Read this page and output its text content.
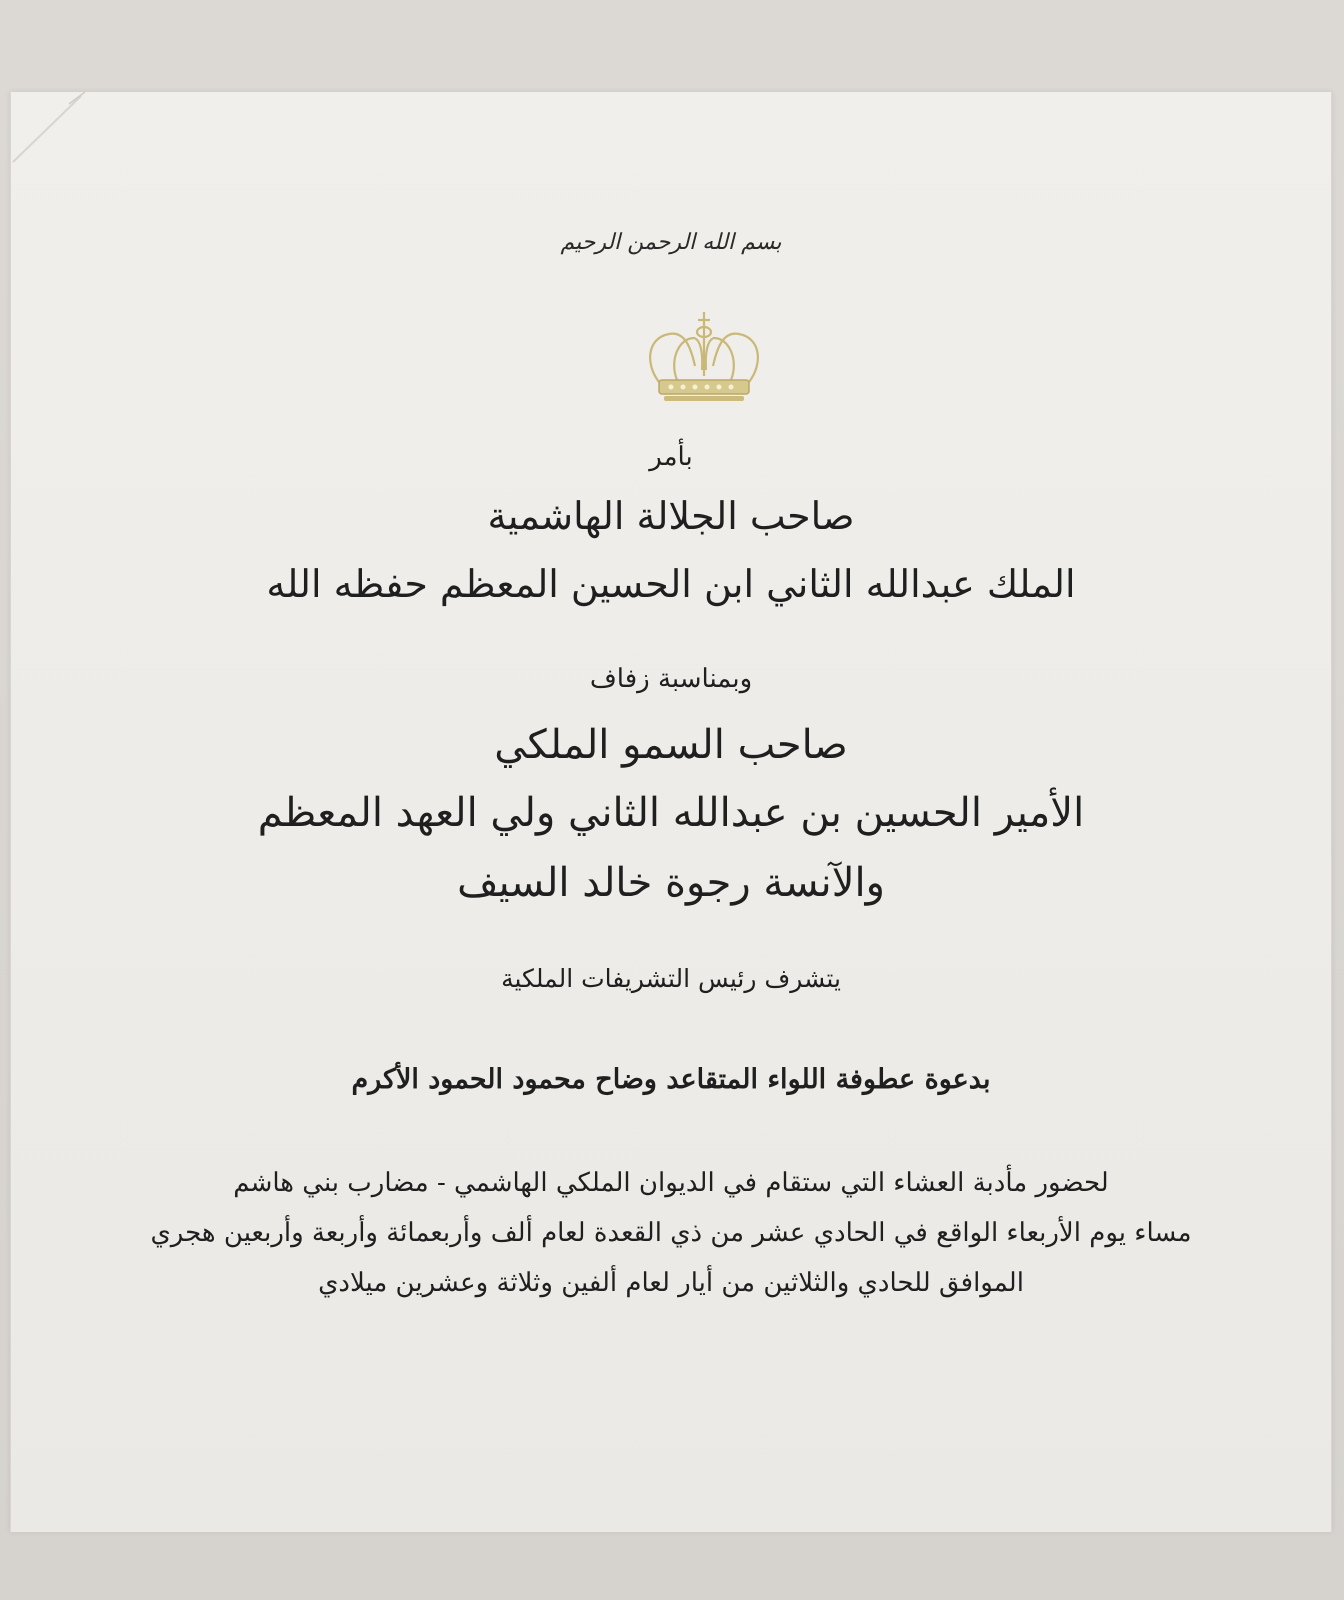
بسم الله الرحمن الرحيم
بأمر
صاحب الجلالة الهاشمية
الملك عبدالله الثاني ابن الحسين المعظم حفظه الله
وبمناسبة زفاف
صاحب السمو الملكي
الأمير الحسين بن عبدالله الثاني ولي العهد المعظم
والآنسة رجوة خالد السيف
يتشرف رئيس التشريفات الملكية
بدعوة عطوفة اللواء المتقاعد وضاح محمود الحمود الأكرم
لحضور مأدبة العشاء التي ستقام في الديوان الملكي الهاشمي - مضارب بني هاشم
مساء يوم الأربعاء الواقع في الحادي عشر من ذي القعدة لعام ألف وأربعمائة وأربعة وأربعين هجري
الموافق للحادي والثلاثين من أيار لعام ألفين وثلاثة وعشرين ميلادي
